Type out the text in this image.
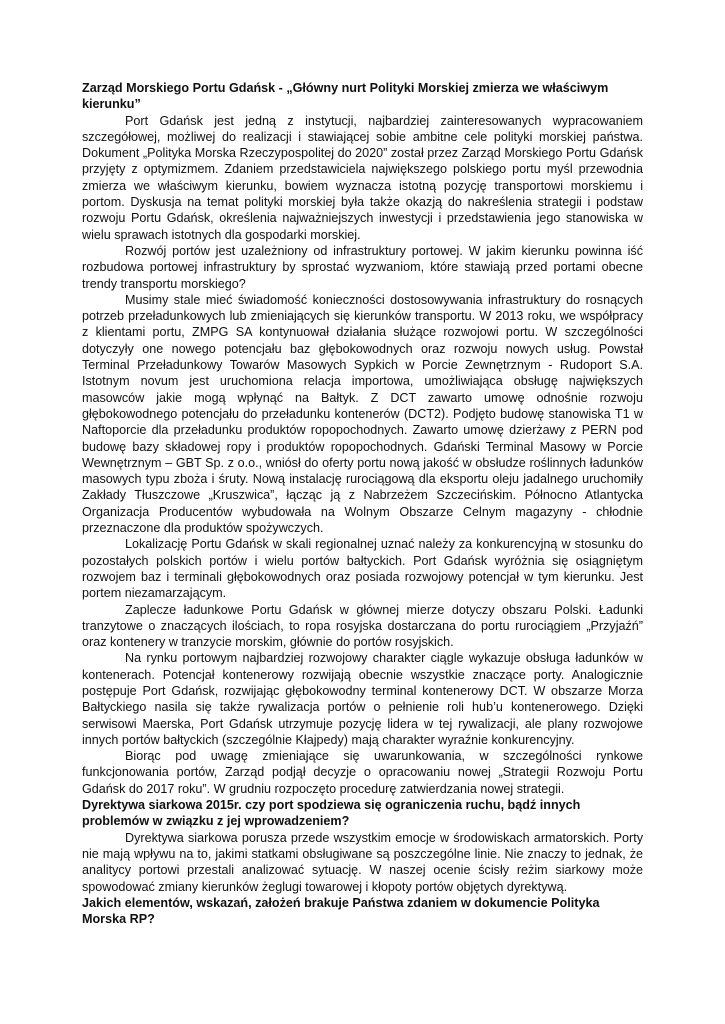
Zarząd Morskiego Portu Gdańsk - „Główny nurt Polityki Morskiej zmierza we właściwym kierunku”

Port Gdańsk jest jedną z instytucji, najbardziej zainteresowanych wypracowaniem szczegółowej, możliwej do realizacji i stawiającej sobie ambitne cele polityki morskiej państwa. Dokument „Polityka Morska Rzeczypospolitej do 2020” został przez Zarząd Morskiego Portu Gdańsk przyjęty z optymizmem. Zdaniem przedstawiciela największego polskiego portu myśl przewodnia zmierza we właściwym kierunku, bowiem wyznacza istotną pozycję transportowi morskiemu i portom. Dyskusja na temat polityki morskiej była także okazją do nakreślenia strategii i podstaw rozwoju Portu Gdańsk, określenia najważniejszych inwestycji i przedstawienia jego stanowiska w wielu sprawach istotnych dla gospodarki morskiej.

Rozwój portów jest uzależniony od infrastruktury portowej. W jakim kierunku powinna iść rozbudowa portowej infrastruktury by sprostać wyzwaniom, które stawiają przed portami obecne trendy transportu morskiego?

Musimy stale mieć świadomość konieczności dostosowywania infrastruktury do rosnących potrzeb przeładunkowych lub zmieniających się kierunków transportu. W 2013 roku, we współpracy z klientami portu, ZMPG SA kontynuował działania służące rozwojowi portu. W szczególności dotyczyły one nowego potencjału baz głębokowodnych oraz rozwoju nowych usług. Powstał Terminal Przeładunkowy Towarów Masowych Sypkich w Porcie Zewnętrznym - Rudoport S.A. Istotnym novum jest uruchomiona relacja importowa, umożliwiająca obsługę największych masowców jakie mogą wpłynąć na Bałtyk. Z DCT zawarto umowę odnośnie rozwoju głębokowodnego potencjału do przeładunku kontenerów (DCT2). Podjęto budowę stanowiska T1 w Naftoporcie dla przeładunku produktów ropopochodnych. Zawarto umowę dzierżawy z PERN pod budowę bazy składowej ropy i produktów ropopochodnych. Gdański Terminal Masowy w Porcie Wewnętrznym – GBT Sp. z o.o., wniósł do oferty portu nową jakość w obsłudze roślinnych ładunków masowych typu zboża i śruty. Nową instalację rurociągową dla eksportu oleju jadalnego uruchomiły Zakłady Tłuszczowe „Kruszwica”, łącząc ją z Nabrzeżem Szczecińskim. Północno Atlantycka Organizacja Producentów wybudowała na Wolnym Obszarze Celnym magazyny - chłodnie przeznaczone dla produktów spożywczych.

Lokalizację Portu Gdańsk w skali regionalnej uznać należy za konkurencyjną w stosunku do pozostałych polskich portów i wielu portów bałtyckich. Port Gdańsk wyróżnia się osiągniętym rozwojem baz i terminali głębokowodnych oraz posiada rozwojowy potencjał w tym kierunku. Jest portem niezamarzającym.

Zaplecze ładunkowe Portu Gdańsk w głównej mierze dotyczy obszaru Polski. Ładunki tranzytowe o znaczących ilościach, to ropa rosyjska dostarczana do portu rurociągiem „Przyjaźń” oraz kontenery w tranzycie morskim, głównie do portów rosyjskich.

Na rynku portowym najbardziej rozwojowy charakter ciągle wykazuje obsługa ładunków w kontenerach. Potencjał kontenerowy rozwijają obecnie wszystkie znaczące porty. Analogicznie postępuje Port Gdańsk, rozwijając głębokowodny terminal kontenerowy DCT. W obszarze Morza Bałtyckiego nasila się także rywalizacja portów o pełnienie roli hub’u kontenerowego. Dzięki serwisowi Maerska, Port Gdańsk utrzymuje pozycję lidera w tej rywalizacji, ale plany rozwojowe innych portów bałtyckich (szczególnie Kłajpedy) mają charakter wyraźnie konkurencyjny.

Biorąc pod uwagę zmieniające się uwarunkowania, w szczególności rynkowe funkcjonowania portów, Zarząd podjął decyzje o opracowaniu nowej „Strategii Rozwoju Portu Gdańsk do 2017 roku”. W grudniu rozpoczęto procedurę zatwierdzania nowej strategii.

Dyrektywa siarkowa 2015r. czy port spodziewa się ograniczenia ruchu, bądź innych problemów w związku z jej wprowadzeniem?

Dyrektywa siarkowa porusza przede wszystkim emocje w środowiskach armatorskich. Porty nie mają wpływu na to, jakimi statkami obsługiwane są poszczególne linie. Nie znaczy to jednak, że analitycy portowi przestali analizować sytuację. W naszej ocenie ścisły reżim siarkowy może spowodować zmiany kierunków żeglugi towarowej i kłopoty portów objętych dyrektywą.

Jakich elementów, wskazań, założeń brakuje Państwa zdaniem w dokumencie Polityka Morska RP?
